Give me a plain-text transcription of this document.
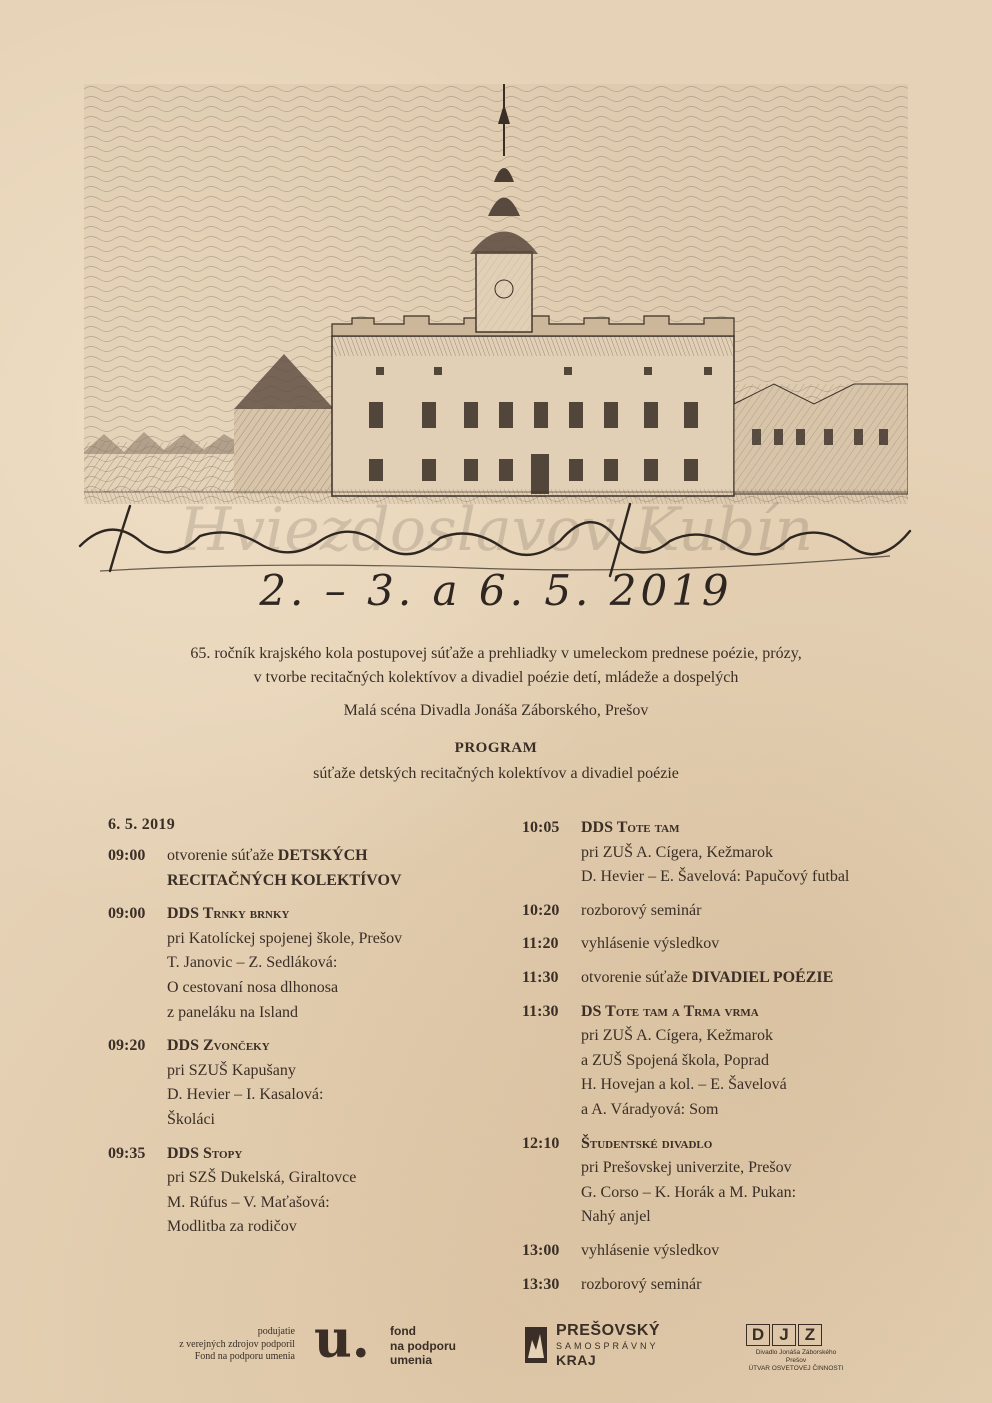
Hviezdoslavov Kubín
2. – 3. a 6. 5. 2019
65. ročník krajského kola postupovej súťaže a prehliadky v umeleckom prednese poézie, prózy,
v tvorbe recitačných kolektívov a divadiel poézie detí, mládeže a dospelých
Malá scéna Divadla Jonáša Záborského, Prešov
PROGRAM
súťaže detských recitačných kolektívov a divadiel poézie
6. 5. 2019
09:00	otvorenie súťaže DETSKÝCH
RECITAČNÝCH KOLEKTÍVOV
09:00	DDS Trnky brnky
pri Katolíckej spojenej škole, Prešov
T. Janovic – Z. Sedláková:
O cestovaní nosa dlhonosa
z paneláku na Island
09:20	DDS Zvončeky
pri SZUŠ Kapušany
D. Hevier – I. Kasalová:
Školáci
09:35	DDS Stopy
pri SZŠ Dukelská, Giraltovce
M. Rúfus – V. Maťašová:
Modlitba za rodičov
10:05	DDS Tote tam
pri ZUŠ A. Cígera, Kežmarok
D. Hevier – E. Šavelová: Papučový futbal
10:20	rozborový seminár
11:20	vyhlásenie výsledkov
11:30	otvorenie súťaže DIVADIEL POÉZIE
11:30	DS Tote tam a Trma vrma
pri ZUŠ A. Cígera, Kežmarok
a ZUŠ Spojená škola, Poprad
H. Hovejan a kol. – E. Šavelová
a A. Váradyová: Som
12:10	Študentské divadlo
pri Prešovskej univerzite, Prešov
G. Corso – K. Horák a M. Pukan:
Nahý anjel
13:00	vyhlásenie výsledkov
13:30	rozborový seminár
podujatie
z verejných zdrojov podporil
Fond na podporu umenia u. fond
na podporu
umenia
PREŠOVSKÝ
SAMOSPRÁVNY
KRAJ
D J Z
Divadlo Jonáša Záborského
Prešov
ÚTVAR OSVETOVEJ ČINNOSTI
